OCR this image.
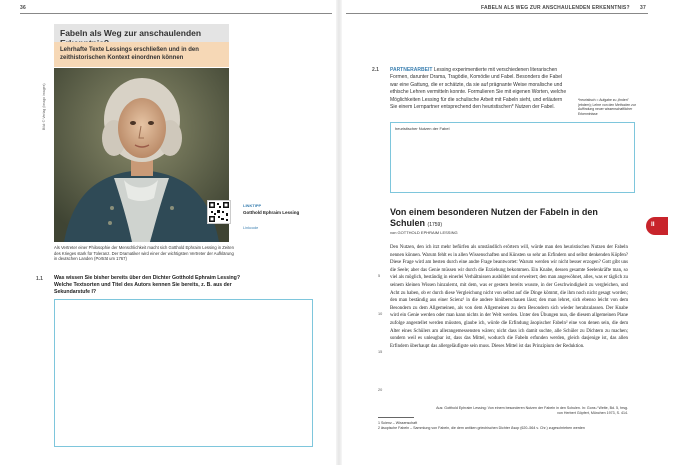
36
Fabeln als Weg zur anschaulenden
Lehrhafte Texte Lessings erschließen und in den zeithistorischen Kontext einordnen können
Bild: © Verlag (Imago images)
LINKTIPP
Gotthold Ephraim Lessing
Linkcode
Als Vertreter einer Philosophie der Menschlichkeit macht sich Gotthold Ephraim Lessing in Zeiten des Krieges stark für Toleranz. Der Dramatiker wird einer der wichtigsten Vertreter der Aufklärung in deutschen Landen (Porträt um 1767)
1.1 Was wissen Sie bisher bereits über den Dichter Gotthold Ephraim Lessing? Welche Textsorten und Titel des Autors kennen Sie bereits, z. B. aus der Sekundarstufe I?
FABELN ALS WEG ZUR ANSCHAULENDEN ERKENNTNIS? 37
2.1 PARTNERARBEIT Lessing experimentierte mit verschiedenen literarischen Formen, darunter Drama, Tragödie, Komödie und Fabel. Besonders die Fabel war eine Gattung, die er schätzte, da sie auf prägnante Weise moralische und ethische Lehren vermitteln konnte. Formulieren Sie mit eigenen Worten, welche Möglichkeiten Lessing für die schulische Arbeit mit Fabeln sieht, und erläutern Sie einem Lernpartner entsprechend den heuristischen* Nutzen der Fabel.
*heuristisch = Aufgabe zu „finden" (ebdem); Lehre von den Methoden zur Auffindung neuer wissenschaftlicher Erkenntnisse
heuristischer Nutzen der Fabel
Von einem besonderen Nutzen der Fabeln in den Schulen (1759)
von GOTTHOLD EPHRAIM LESSING
5
10
15
20
Den Nutzen, den ich itzt mehr befürfen als umständlich erörtern will, würde man den heuristischen Nutzen der Fabeln nennen können. Warum fehlt es in allen Wissenschaften und Künsten so sehr an Erfindern und selbst denkenden Köpfen? Diese Frage wird am besten durch eine andre Frage beantwortet: Warum werden wir nicht besser erzogen? Gott gibt uns die Seele; aber das Genie müssen wir durch die Erziehung bekommen. Ein Knabe, dessen gesamte Seelenkräfte man, so viel als möglich, beständig in einerlei Verhältnissen ausbildet und erweitert; den man angewöhnet, alles, was er täglich zu seinem kleinen Wissen hinzulernt, mit dem, was er gestern bereits wusste, in der Geschwindigkeit zu vergleichen, und Acht zu haben, ob er durch diese Vergleichung nicht von selbst auf die Dinge kömmt, die ihm noch nicht gesagt worden; den man beständig aus einer Scienz¹ in die andere hinüberschauen lässt; den man lehret, sich ebenso leicht von dem Besondern zu dem Allgemeinen, als von dem Allgemeinen zu dem Besondern sich wieder herabzulassen. Der Knabe wird ein Genie werden oder man kann nichts in der Welt werden. Unter den Übungen nun, die diesem allgemeinen Plane zufolge angestellet werden müssten, glaube ich, würde die Erfindung äsopischer Fabeln² eine von denen sein, die dem Alter eines Schülers am allerangemessensten wären; nicht dass ich damit suchte, alle Schüler zu Dichtern zu machen; sondern weil es unleugbar ist, dass das Mittel, wodurch die Fabeln erfunden werden, gleich dasjenige ist, das allen Erfindern überhaupt das allergeläufigste sein muss. Dieses Mittel ist das Prinzipium der Reduktion.
Aus: Gotthold Ephraim Lessing: Von einem besonderen Nutzen der Fabeln in den Schulen. In: Gons / Welte, Bd. 5, hrsg. von Herbert Göpfert, München 1973, S. 414.
1 Scienz – Wissenschaft
2 äsopische Fabeln – Sammlung von Fabeln, die dem antiken griechischen Dichter Äsop (620–564 v. Chr.) zugeschrieben werden
II
